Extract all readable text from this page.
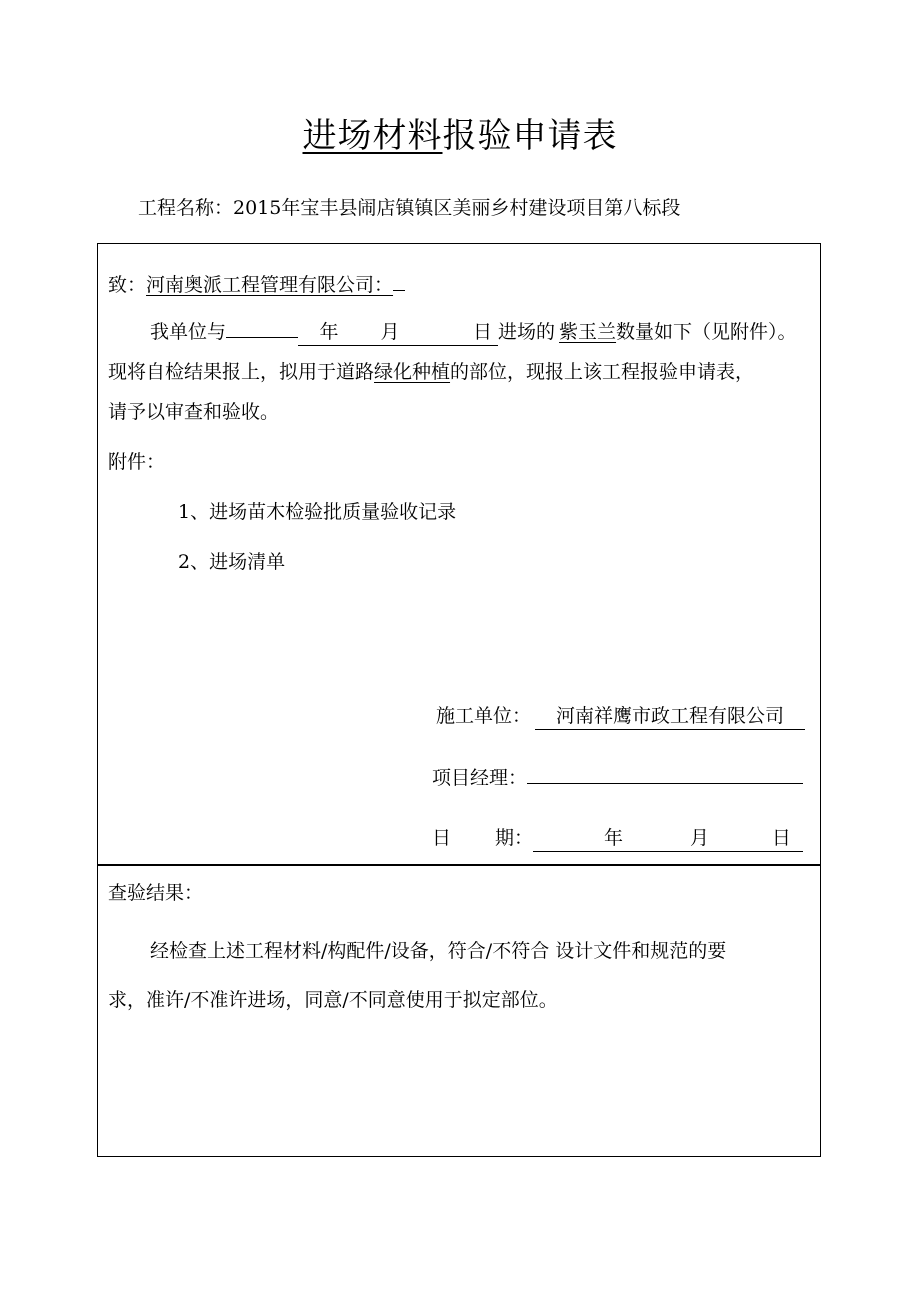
进场材料报验申请表
工程名称：2015年宝丰县闹店镇镇区美丽乡村建设项目第八标段
致：河南奥派工程管理有限公司：
我单位与	年 月	日 进场的 紫玉兰数量如下（见附件）。
现将自检结果报上，拟用于道路绿化种植的部位，现报上该工程报验申请表，
请予以审查和验收。
附件：
1、进场苗木检验批质量验收记录
2、进场清单
施工单位： 河南祥鹰市政工程有限公司
项目经理：
日 期：	年	月	日
查验结果：
经检查上述工程材料/构配件/设备，符合/不符合 设计文件和规范的要
求，准许/不准许进场，同意/不同意使用于拟定部位。
